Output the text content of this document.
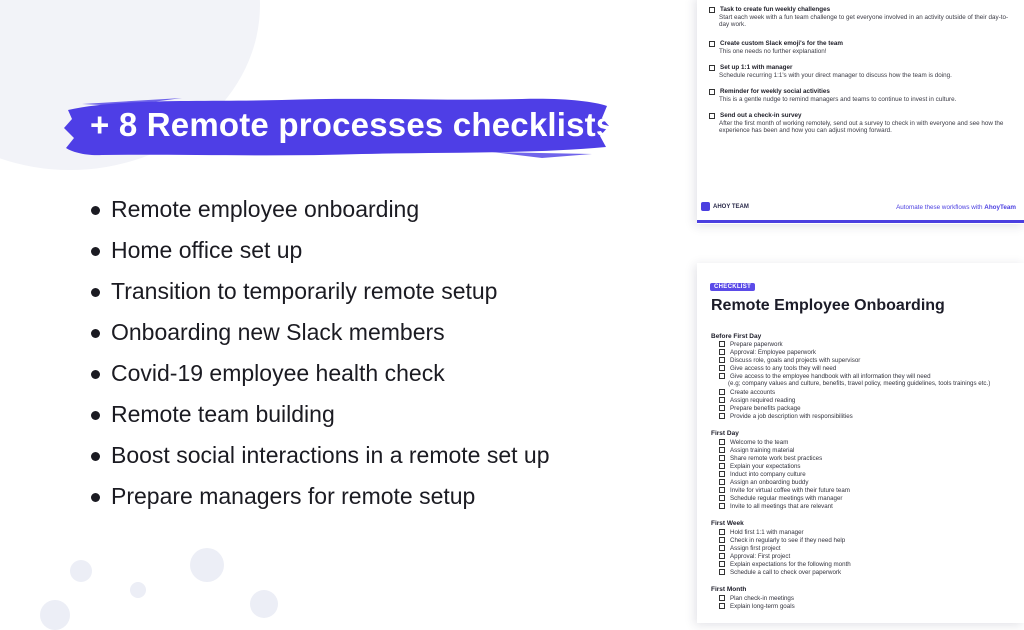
+ 8 Remote processes checklists
Remote employee onboarding
Home office set up
Transition to temporarily remote setup
Onboarding new Slack members
Covid-19 employee health check
Remote team building
Boost social interactions in a remote set up
Prepare managers for remote setup
Task to create fun weekly challenges
Start each week with a fun team challenge to get everyone involved in an activity outside of their day-to-day work.
Create custom Slack emoji's for the team
This one needs no further explanation!
Set up 1:1 with manager
Schedule recurring 1:1's with your direct manager to discuss how the team is doing.
Reminder for weekly social activities
This is a gentle nudge to remind managers and teams to continue to invest in culture.
Send out a check-in survey
After the first month of working remotely, send out a survey to check in with everyone and see how the experience has been and how you can adjust moving forward.
AHOY TEAM	Automate these workflows with AhoyTeam
CHECKLIST
Remote Employee Onboarding
Before First Day
Prepare paperwork
Approval: Employee paperwork
Discuss role, goals and projects with supervisor
Give access to any tools they will need
Give access to the employee handbook with all information they will need
(e.g; company values and culture, benefits, travel policy, meeting guidelines, tools trainings etc.)
Create accounts
Assign required reading
Prepare benefits package
Provide a job description with responsibilities
First Day
Welcome to the team
Assign training material
Share remote work best practices
Explain your expectations
Induct into company culture
Assign an onboarding buddy
Invite for virtual coffee with their future team
Schedule regular meetings with manager
Invite to all meetings that are relevant
First Week
Hold first 1:1 with manager
Check in regularly to see if they need help
Assign first project
Approval: First project
Explain expectations for the following month
Schedule a call to check over paperwork
First Month
Plan check-in meetings
Explain long-term goals
